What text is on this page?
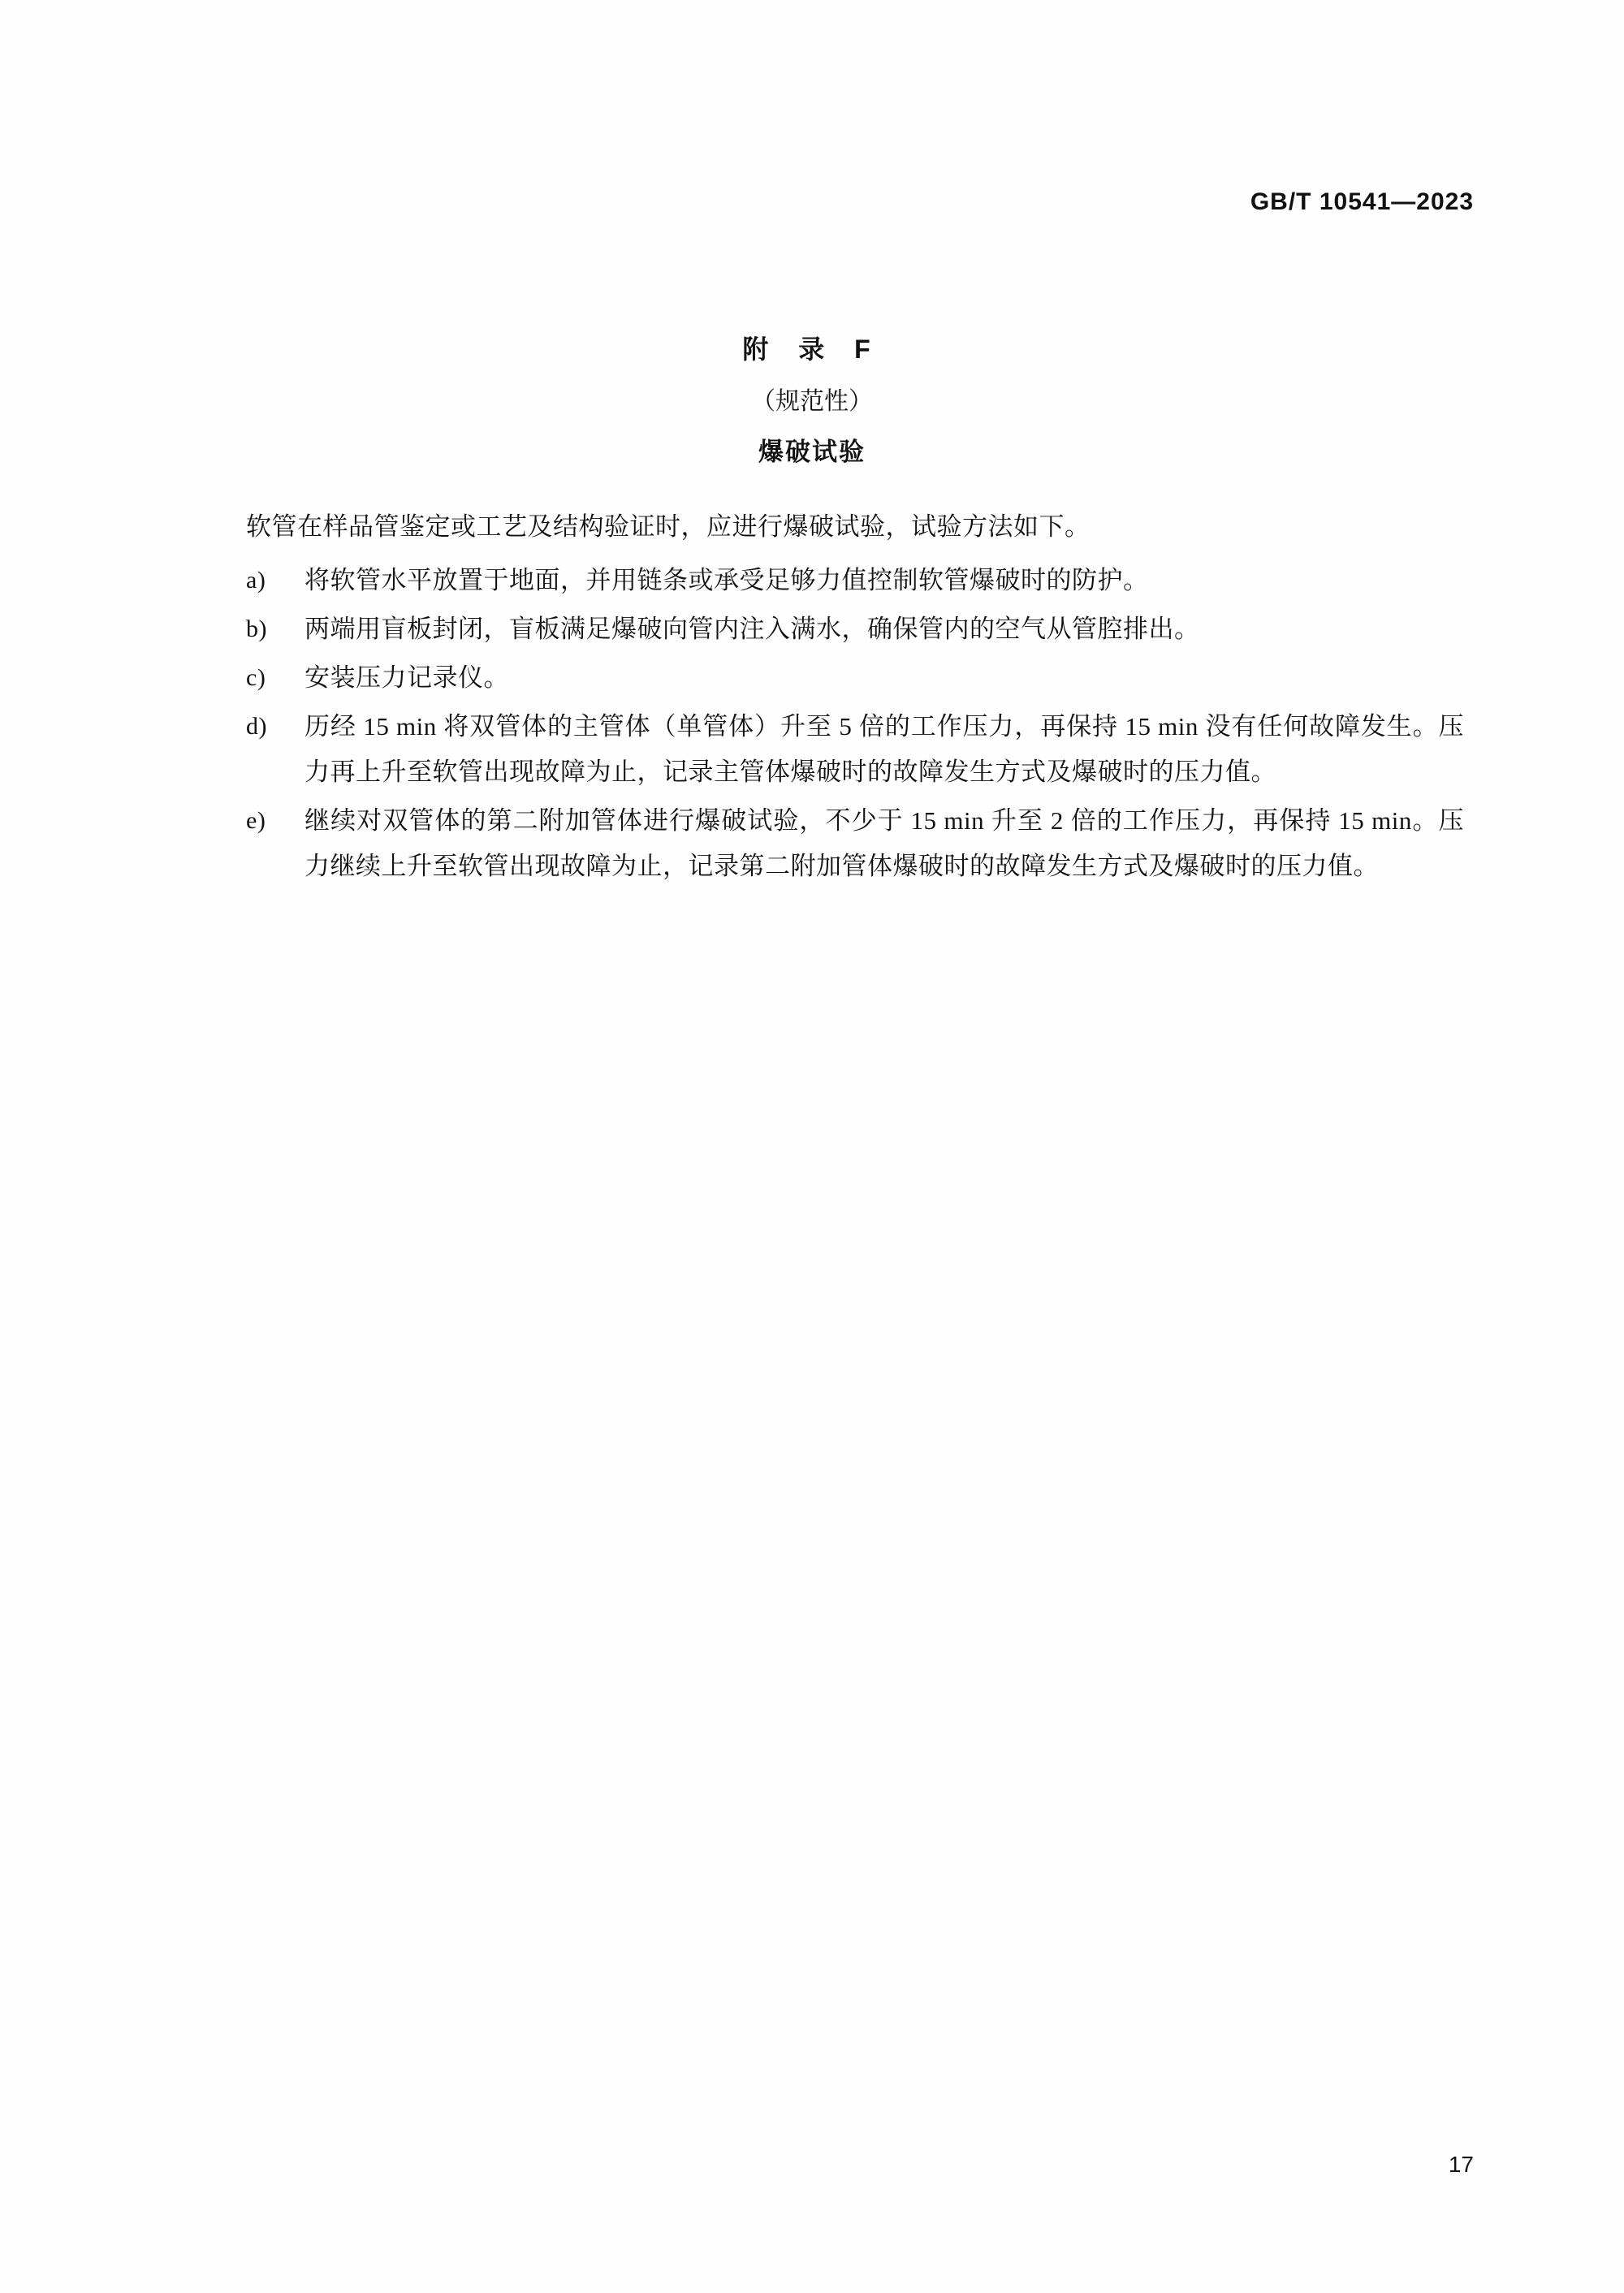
GB/T 10541—2023
附 录 F
（规范性）
爆破试验

软管在样品管鉴定或工艺及结构验证时，应进行爆破试验，试验方法如下。

a)	将软管水平放置于地面，并用链条或承受足够力值控制软管爆破时的防护。
b)	两端用盲板封闭，盲板满足爆破向管内注入满水，确保管内的空气从管腔排出。
c)	安装压力记录仪。
d)	历经 15 min 将双管体的主管体（单管体）升至 5 倍的工作压力，再保持 15 min 没有任何故障发生。压力再上升至软管出现故障为止，记录主管体爆破时的故障发生方式及爆破时的压力值。
e)	继续对双管体的第二附加管体进行爆破试验，不少于 15 min 升至 2 倍的工作压力，再保持 15 min。压力继续上升至软管出现故障为止，记录第二附加管体爆破时的故障发生方式及爆破时的压力值。
17
